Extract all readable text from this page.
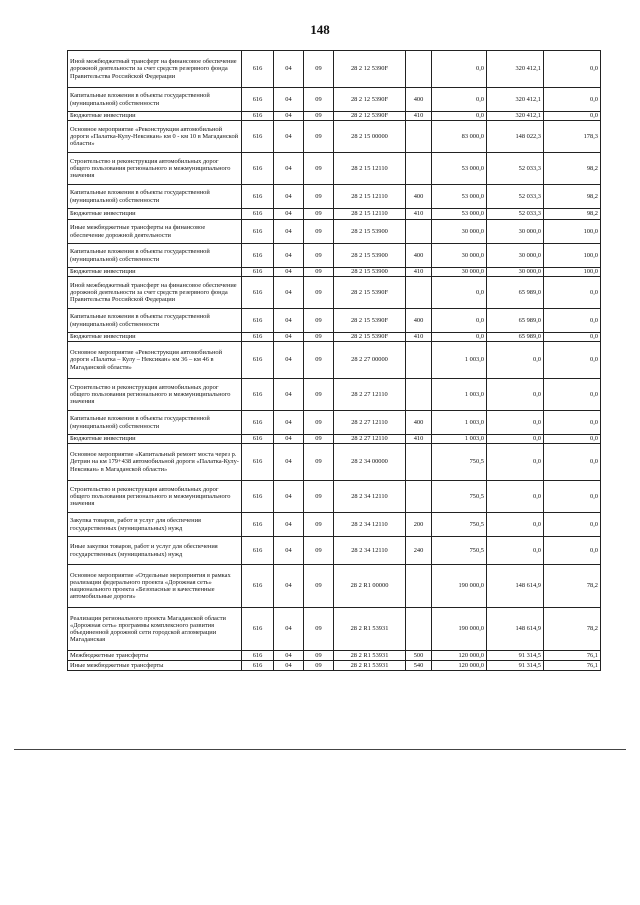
148
Иной межбюджетный трансферт на финансовое обеспечение дорожной деятельности за счет средств резервного фонда Правительства Российской Федерации	616	04	09	28 2 12 5390F		0,0	320 412,1	0,0
Капитальные вложения в объекты государственной (муниципальной) собственности	616	04	09	28 2 12 5390F	400	0,0	320 412,1	0,0
Бюджетные инвестиции	616	04	09	28 2 12 5390F	410	0,0	320 412,1	0,0
Основное мероприятие «Реконструкция автомобильной дороги «Палатка-Кулу-Нексикан» км 0 - км 10 в Магаданской области»	616	04	09	28 2 15 00000		83 000,0	148 022,3	178,3
Строительство и реконструкция автомобильных дорог общего пользования регионального и межмуниципального значения	616	04	09	28 2 15 12110		53 000,0	52 033,3	98,2
Капитальные вложения в объекты государственной (муниципальной) собственности	616	04	09	28 2 15 12110	400	53 000,0	52 033,3	98,2
Бюджетные инвестиции	616	04	09	28 2 15 12110	410	53 000,0	52 033,3	98,2
Иные межбюджетные трансферты на финансовое обеспечение дорожной деятельности	616	04	09	28 2 15 53900		30 000,0	30 000,0	100,0
Капитальные вложения в объекты государственной (муниципальной) собственности	616	04	09	28 2 15 53900	400	30 000,0	30 000,0	100,0
Бюджетные инвестиции	616	04	09	28 2 15 53900	410	30 000,0	30 000,0	100,0
Иной межбюджетный трансферт на финансовое обеспечение дорожной деятельности за счет средств резервного фонда Правительства Российской Федерации	616	04	09	28 2 15 5390F		0,0	65 989,0	0,0
Капитальные вложения в объекты государственной (муниципальной) собственности	616	04	09	28 2 15 5390F	400	0,0	65 989,0	0,0
Бюджетные инвестиции	616	04	09	28 2 15 5390F	410	0,0	65 989,0	0,0
Основное мероприятие «Реконструкция автомобильной дороги «Палатка – Кулу – Нексикан» км 36 – км 46 в Магаданской области»	616	04	09	28 2 27 00000		1 003,0	0,0	0,0
Строительство и реконструкция автомобильных дорог общего пользования регионального и межмуниципального значения	616	04	09	28 2 27 12110		1 003,0	0,0	0,0
Капитальные вложения в объекты государственной (муниципальной) собственности	616	04	09	28 2 27 12110	400	1 003,0	0,0	0,0
Бюджетные инвестиции	616	04	09	28 2 27 12110	410	1 003,0	0,0	0,0
Основное мероприятие «Капитальный ремонт моста через р. Детрин на км 179+438 автомобильной дороги «Палатка-Кулу-Нексикан» в Магаданской области»	616	04	09	28 2 34 00000		750,5	0,0	0,0
Строительство и реконструкция автомобильных дорог общего пользования регионального и межмуниципального значения	616	04	09	28 2 34 12110		750,5	0,0	0,0
Закупка товаров, работ и услуг для обеспечения государственных (муниципальных) нужд	616	04	09	28 2 34 12110	200	750,5	0,0	0,0
Иные закупки товаров, работ и услуг для обеспечения государственных (муниципальных) нужд	616	04	09	28 2 34 12110	240	750,5	0,0	0,0
Основное мероприятие «Отдельные мероприятия в рамках реализации федерального проекта «Дорожная сеть» национального проекта «Безопасные и качественные автомобильные дороги»	616	04	09	28 2 R1 00000		190 000,0	148 614,9	78,2
Реализация регионального проекта Магаданской области «Дорожная сеть» программы комплексного развития объединенной дорожной сети городской агломерации Магаданская	616	04	09	28 2 R1 53931		190 000,0	148 614,9	78,2
Межбюджетные трансферты	616	04	09	28 2 R1 53931	500	120 000,0	91 314,5	76,1
Иные межбюджетные трансферты	616	04	09	28 2 R1 53931	540	120 000,0	91 314,5	76,1
